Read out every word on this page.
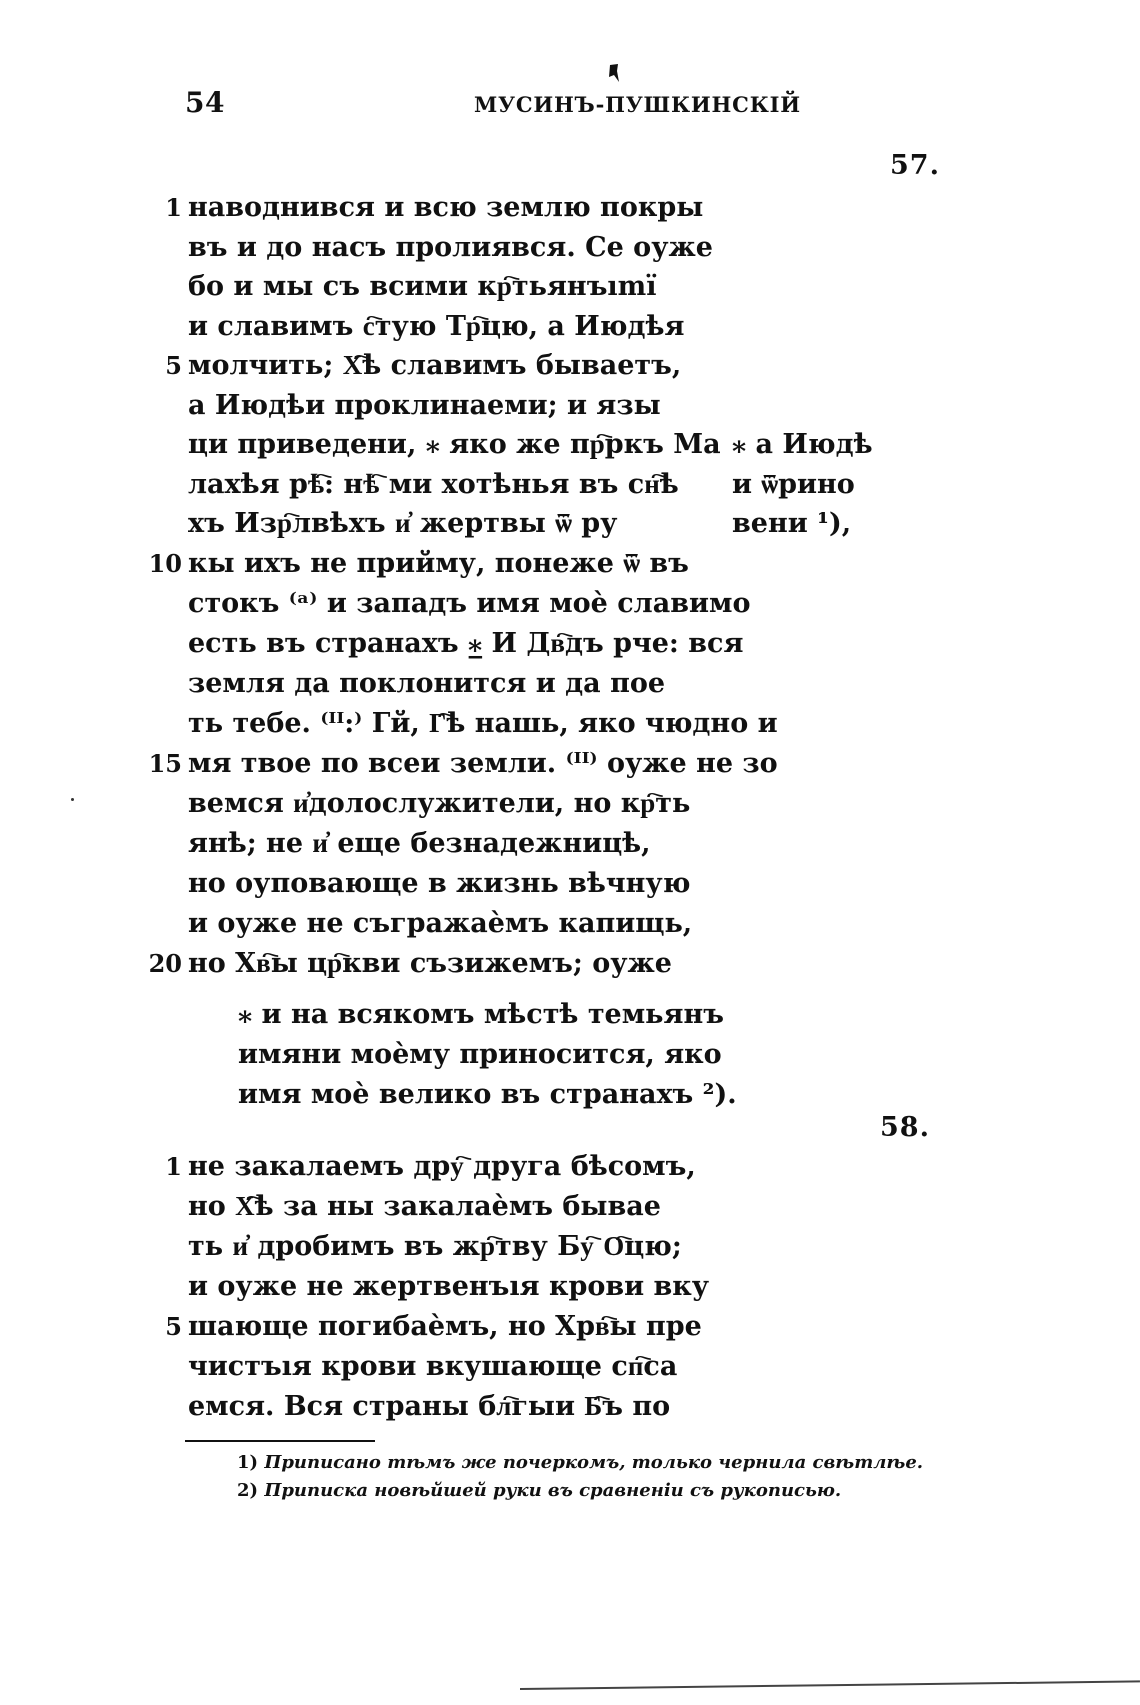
54	МУСИНЪ-ПУШКИНСКIЙ
57.
1 наводнився и всю землю покры
въ и до насъ пролиявся. Се оуже
бо и мы съ всими кр҇тьянъımї
и славимъ с҇тую Тр҇цю, а Июдѣя
5 молчить; Х҇ѣ славимъ бываетъ,
а Июдѣи проклинаеми; и язы
ци приведени, ⁎ яко же пр҇ркъ Ма
лахѣя рѣ҇: нѣ҇ ми хотѣнья въ сн҇ѣ
хъ Изр҇лвѣхъ и҆ жертвы ѿ ру
10 кы ихъ не прийму, понеже ѿ въ
стокъ ⁽ᵃ⁾ и западъ имя моѐ славимо
есть въ странахъ ⁎̲ И Дв҇дъ рче: вся
земля да поклонится и да пое
ть тебе. ⁽ᴵᴵ:⁾ Гй, Г҇ѣ нашь, яко чюдно и
15 мя твое по всеи земли. ⁽ᴵᴵ⁾ оуже не зо
вемся и҆долослужители, но кр҇ть
янѣ; не и҆ еще безнадежницѣ,
но оуповающе в жизнь вѣчную
и оуже не съгражаѐмъ капищь,
20 но Хв҇ы цр҇кви съзижемъ; оуже
⁎ а Июдѣ
и ѿрино
вени ¹),
⁎ и на всякомъ мѣстѣ темьянъ
имяни моѐму приносится, яко
имя моѐ велико въ странахъ ²).
58.
1 не закалаемъ дру҇ друга бѣсомъ,
но Х҇ѣ за ны закалаѐмъ бывае
ть и҆ дробимъ въ жр҇тву Бу҇ О҇цю;
и оуже не жертвенъıя крови вку
5 шающе погибаѐмъ, но Хрв҇ы пре
чистъıя крови вкушающе сп҇са
емся. Вся страны бл҇гыи Б҇ъ по
1) Приписано тѣмъ же почеркомъ, только чернила свѣтлѣе.
2) Приписка новѣйшей руки въ сравненіи съ рукописью.
